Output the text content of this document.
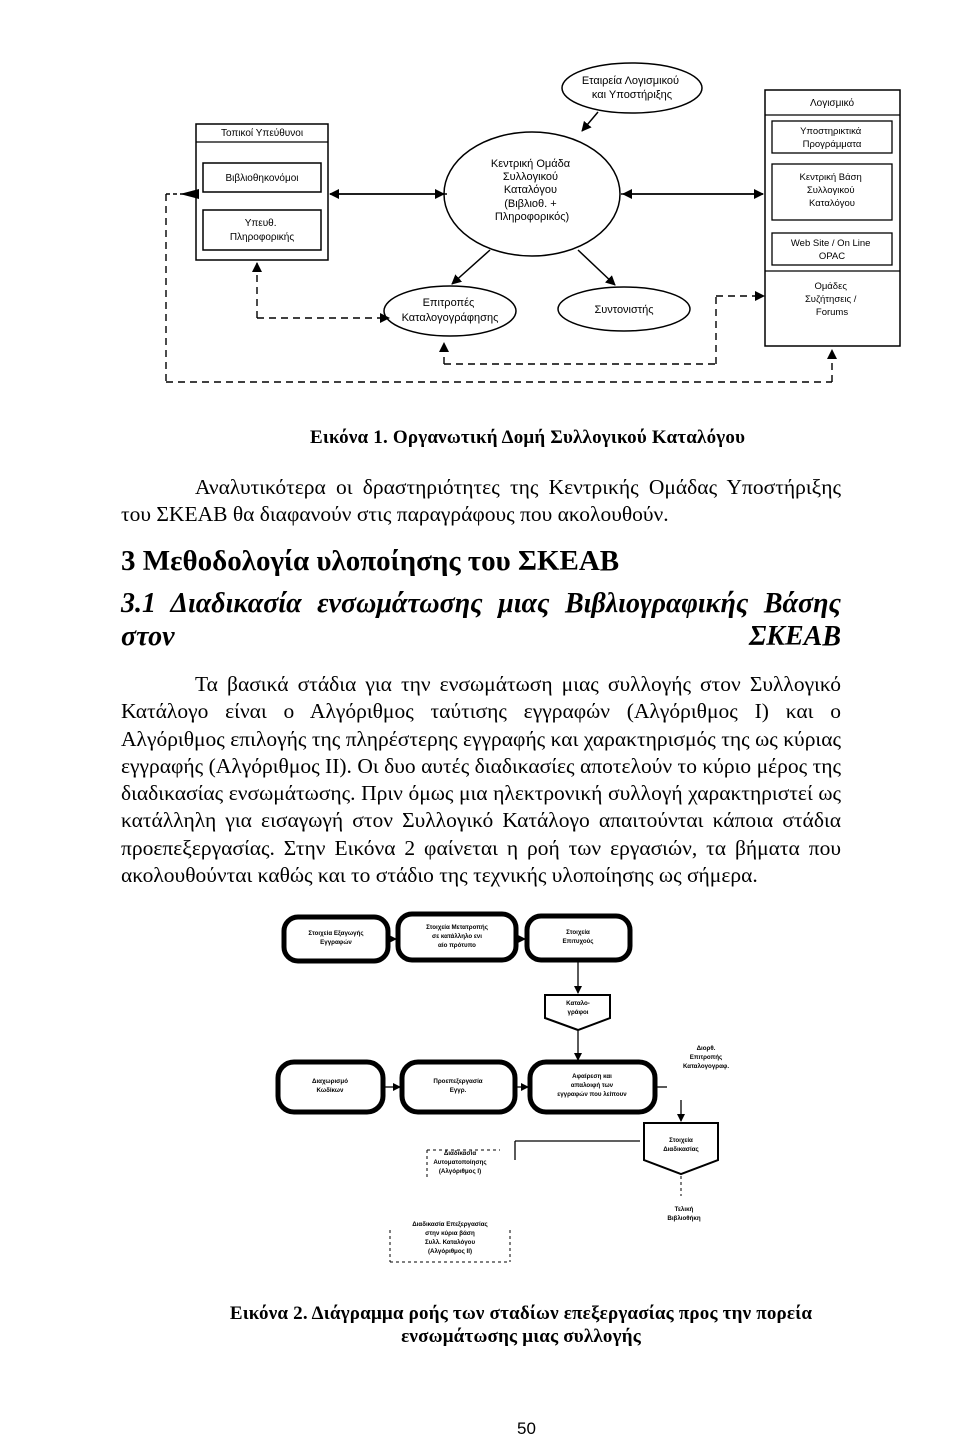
Εταιρεία Λογισμικού και Υποστήριξης
Τοπικοί Υπεύθυνοι
Βιβλιοθηκονόμοι
Υπευθ. Πληροφορικής
Κεντρική Ομάδα Συλλογικού Καταλόγου (Βιβλιοθ. + Πληροφορικός)
Λογισμικό
Υποστηρικτικά Προγράμματα
Κεντρική Βάση Συλλογικού Καταλόγου
Web Site / On Line OPAC
Ομάδες Συζήτησεις / Forums
Επιτροπές Καταλογογράφησης
Συντονιστής
Εικόνα 1. Οργανωτική Δομή Συλλογικού Καταλόγου
Αναλυτικότερα οι δραστηριότητες της Κεντρικής Ομάδας Υποστήριξης του ΣΚΕΑΒ θα διαφανούν στις παραγράφους που ακολουθούν.
3 Μεθοδολογία υλοποίησης του ΣΚΕΑΒ
3.1 Διαδικασία ενσωμάτωσης μιας Βιβλιογραφικής Βάσης στον ΣΚΕΑΒ
Τα βασικά στάδια για την ενσωμάτωση μιας συλλογής στον Συλλογικό Κατάλογο είναι ο Αλγόριθμος ταύτισης εγγραφών (Αλγόριθμος Ι) και ο Αλγόριθμος επιλογής της πληρέστερης εγγραφής και χαρακτηρισμός της ως κύριας εγγραφής (Αλγόριθμος ΙΙ). Οι δυο αυτές διαδικασίες αποτελούν το κύριο μέρος της διαδικασίας ενσωμάτωσης. Πριν όμως μια ηλεκτρονική συλλογή χαρακτηριστεί ως κατάλληλη για εισαγωγή στον Συλλογικό Κατάλογο απαιτούνται κάποια στάδια προεπεξεργασίας. Στην Εικόνα 2 φαίνεται η ροή των εργασιών, τα βήματα που ακολουθούνται καθώς και το στάδιο της τεχνικής υλοποίησης ως σήμερα.
Στοιχεία Εξαγωγής Εγγραφών
Στοιχεία Μετατροπής σε κατάλληλο ενι αίο πρότυπο
Στοιχεία Επιτυχούς
Καταλο-γράφοι
Διαχωρισμό Κωδίκων
Προεπεξεργασία Εγγρ.
Αφαίρεση και απαλοιφή των εγγραφών που λείπουν
Διορθ. Επιτροπής Καταλογογραφ.
Στοιχεία Διαδικασίας
Διαδικασία Αυτοματοποίησης (Αλγόριθμος Ι)
Τελική Βιβλιοθήκη
Διαδικασία Επεξεργασίας στην κύρια βάση Συλλ. Καταλόγου (Αλγόριθμος ΙΙ)
Εικόνα 2. Διάγραμμα ροής των σταδίων επεξεργασίας προς την πορεία
ενσωμάτωσης μιας συλλογής
50
